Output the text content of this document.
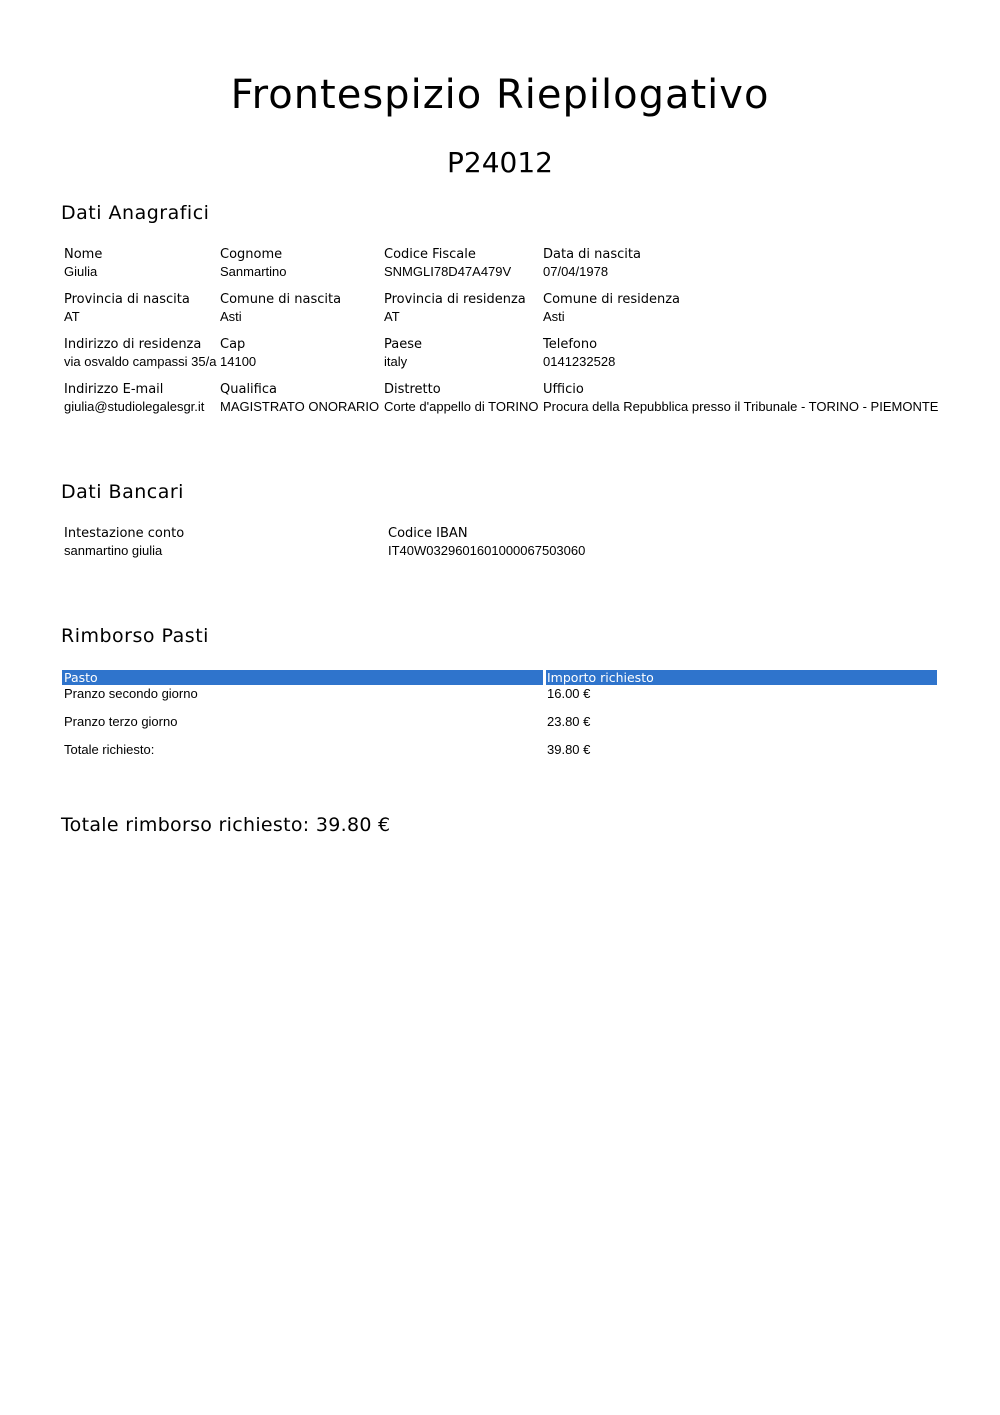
Frontespizio Riepilogativo
P24012
Dati Anagrafici
Nome
Giulia
Cognome
Sanmartino
Codice Fiscale
SNMGLI78D47A479V
Data di nascita
07/04/1978
Provincia di nascita
AT
Comune di nascita
Asti
Provincia di residenza
AT
Comune di residenza
Asti
Indirizzo di residenza
via osvaldo campassi 35/a
Cap
14100
Paese
italy
Telefono
0141232528
Indirizzo E-mail
giulia@studiolegalesgr.it
Qualifica
MAGISTRATO ONORARIO
Distretto
Corte d'appello di TORINO
Ufficio
Procura della Repubblica presso il Tribunale - TORINO - PIEMONTE
Dati Bancari
Intestazione conto
sanmartino giulia
Codice IBAN
IT40W0329601601000067503060
Rimborso Pasti
Pasto	Importo richiesto
Pranzo secondo giorno	16.00 €
Pranzo terzo giorno	23.80 €
Totale richiesto:	39.80 €
Totale rimborso richiesto: 39.80 €
